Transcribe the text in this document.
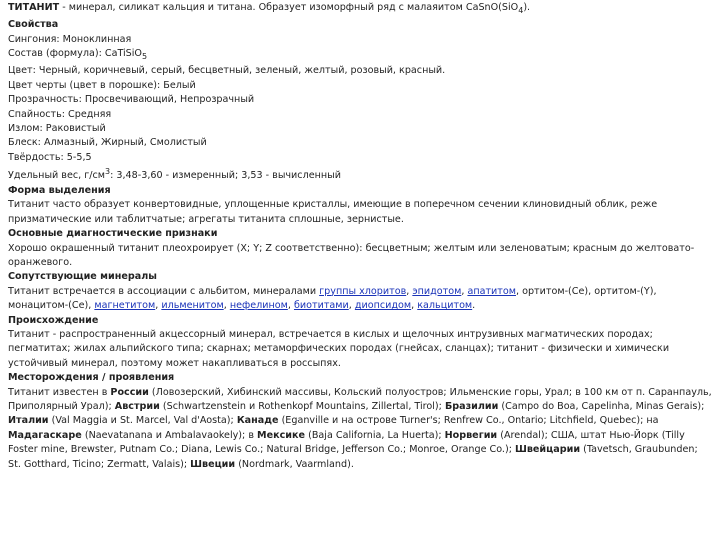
ТИТАНИТ - минерал, силикат кальция и титана. Образует изоморфный ряд с малаяитом CaSnO(SiO$_4$).

Свойства

Сингония: Моноклинная

Состав (формула): CaTiSiO$_5$

Цвет: Черный, коричневый, серый, бесцветный, зеленый, желтый, розовый, красный.

Цвет черты (цвет в порошке): Белый

Прозрачность: Просвечивающий, Непрозрачный

Спайность: Средняя

Излом: Раковистый

Блеск: Алмазный, Жирный, Смолистый

Твёрдость: 5-5,5

Удельный вес, $г/см^3$: 3,48-3,60 - измеренный; 3,53 - вычисленный

Форма выделения

Титанит часто образует конвертовидные, уплощенные кристаллы, имеющие в поперечном сечении клиновидный облик, реже призматические или таблитчатые; агрегаты титанита сплошные, зернистые.

Основные диагностические признаки

Хорошо окрашенный титанит плеохроирует (X; Y; Z соответственно): бесцветным; желтым или зеленоватым; красным до желтовато-оранжевого.

Сопутствующие минералы

Титанит встречается в ассоциации с альбитом, минералами группы хлоритов, эпидотом, апатитом, ортитом-(Ce), ортитом-(Y), монацитом-(Ce), магнетитом, ильменитом, нефелином, биотитами, диопсидом, кальцитом.

Происхождение

Титанит - распространенный акцессорный минерал, встречается в кислых и щелочных интрузивных магматических породах; пегматитах; жилах альпийского типа; скарнах; метаморфических породах (гнейсах, сланцах); титанит - физически и химически устойчивый минерал, поэтому может накапливаться в россыпях.

Месторождения / проявления

Титанит известен в России (Ловозерский, Хибинский массивы, Кольский полуостров; Ильменские горы, Урал; в 100 км от п. Саранпауль, Приполярный Урал); Австрии (Schwartzenstein и Rothenkopf Mountains, Zillertal, Tirol); Бразилии (Campo do Boa, Capelinha, Minas Gerais); Италии (Val Maggia и St. Marcel, Val d'Aosta); Канаде (Eganville и на острове Turner's; Renfrew Co., Ontario; Litchfield, Quebec); на Мадагаскаре (Naevatanana и Ambalavaokely); в Мексике (Baja California, La Huerta); Норвегии (Arendal); США, штат Нью-Йорк (Tilly Foster mine, Brewster, Putnam Co.; Diana, Lewis Co.; Natural Bridge, Jefferson Co.; Monroe, Orange Co.); Швейцарии (Tavetsch, Graubunden; St. Gotthard, Ticino; Zermatt, Valais); Швеции (Nordmark, Vaarmland).
